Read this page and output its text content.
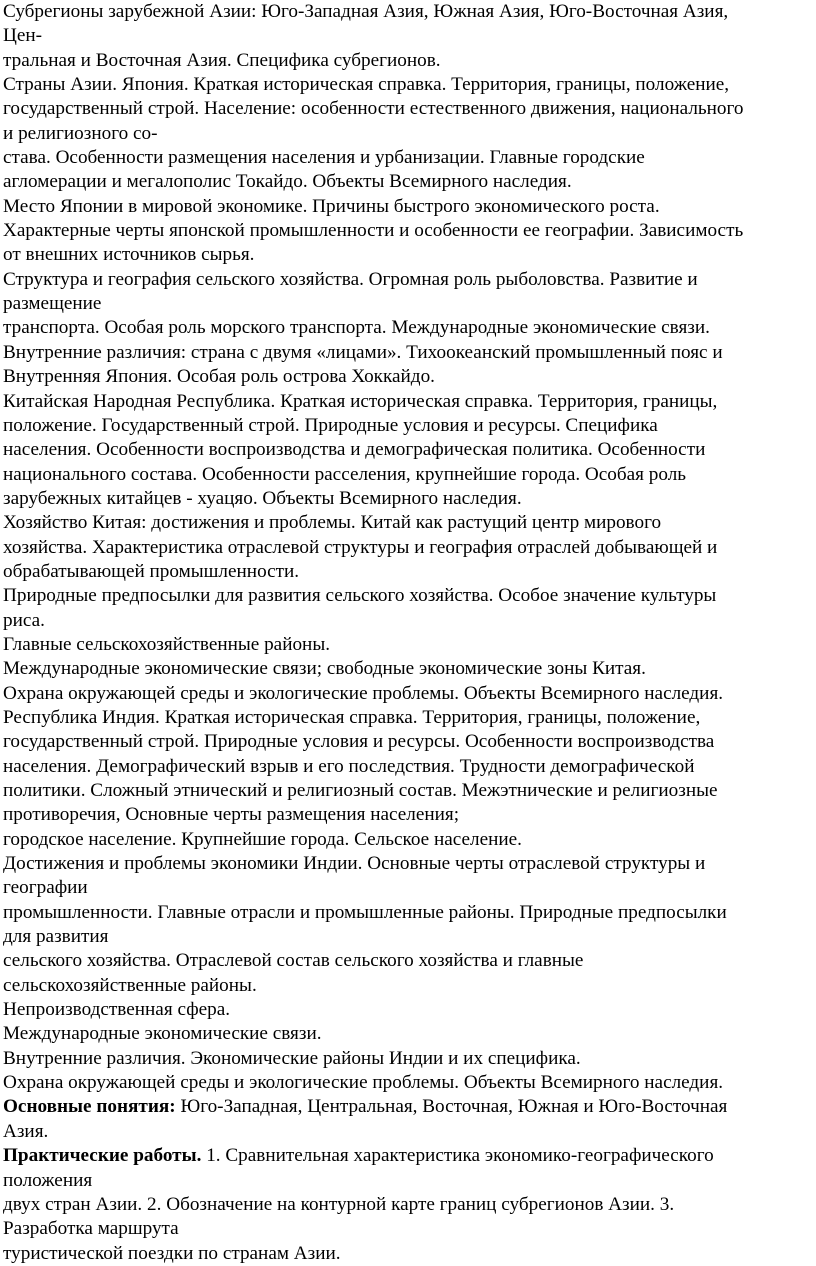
Субрегионы зарубежной Азии: Юго-Западная Азия, Южная Азия, Юго-Восточная Азия,
Цен-
тральная и Восточная Азия. Специфика субрегионов.
Страны Азии. Япония. Краткая историческая справка. Территория, границы, положение,
государственный строй. Население: особенности естественного движения, национального
и религиозного со-
става. Особенности размещения населения и урбанизации. Главные городские
агломерации и мегалополис Токайдо. Объекты Всемирного наследия.
Место Японии в мировой экономике. Причины быстрого экономического роста.
Характерные черты японской промышленности и особенности ее географии. Зависимость
от внешних источников сырья.
Структура и география сельского хозяйства. Огромная роль рыболовства. Развитие и
размещение
транспорта. Особая роль морского транспорта. Международные экономические связи.
Внутренние различия: страна с двумя «лицами». Тихоокеанский промышленный пояс и
Внутренняя Япония. Особая роль острова Хоккайдо.
Китайская Народная Республика. Краткая историческая справка. Территория, границы,
положение. Государственный строй. Природные условия и ресурсы. Специфика
населения. Особенности воспроизводства и демографическая политика. Особенности
национального состава. Особенности расселения, крупнейшие города. Особая роль
зарубежных китайцев - хуацяо. Объекты Всемирного наследия.
Хозяйство Китая: достижения и проблемы. Китай как растущий центр мирового
хозяйства. Характеристика отраслевой структуры и география отраслей добывающей и
обрабатывающей промышленности.
Природные предпосылки для развития сельского хозяйства. Особое значение культуры
риса.
Главные сельскохозяйственные районы.
Международные экономические связи; свободные экономические зоны Китая.
Охрана окружающей среды и экологические проблемы. Объекты Всемирного наследия.
Республика Индия. Краткая историческая справка. Территория, границы, положение,
государственный строй. Природные условия и ресурсы. Особенности воспроизводства
населения. Демографический взрыв и его последствия. Трудности демографической
политики. Сложный этнический и религиозный состав. Межэтнические и религиозные
противоречия, Основные черты размещения населения;
городское население. Крупнейшие города. Сельское население.
Достижения и проблемы экономики Индии. Основные черты отраслевой структуры и
географии
промышленности. Главные отрасли и промышленные районы. Природные предпосылки
для развития
сельского хозяйства. Отраслевой состав сельского хозяйства и главные
сельскохозяйственные районы.
Непроизводственная сфера.
Международные экономические связи.
Внутренние различия. Экономические районы Индии и их специфика.
Охрана окружающей среды и экологические проблемы. Объекты Всемирного наследия.
Основные понятия: Юго-Западная, Центральная, Восточная, Южная и Юго-Восточная
Азия.
Практические работы. 1. Сравнительная характеристика экономико-географического
положения
двух стран Азии. 2. Обозначение на контурной карте границ субрегионов Азии. 3.
Разработка маршрута
туристической поездки по странам Азии.
